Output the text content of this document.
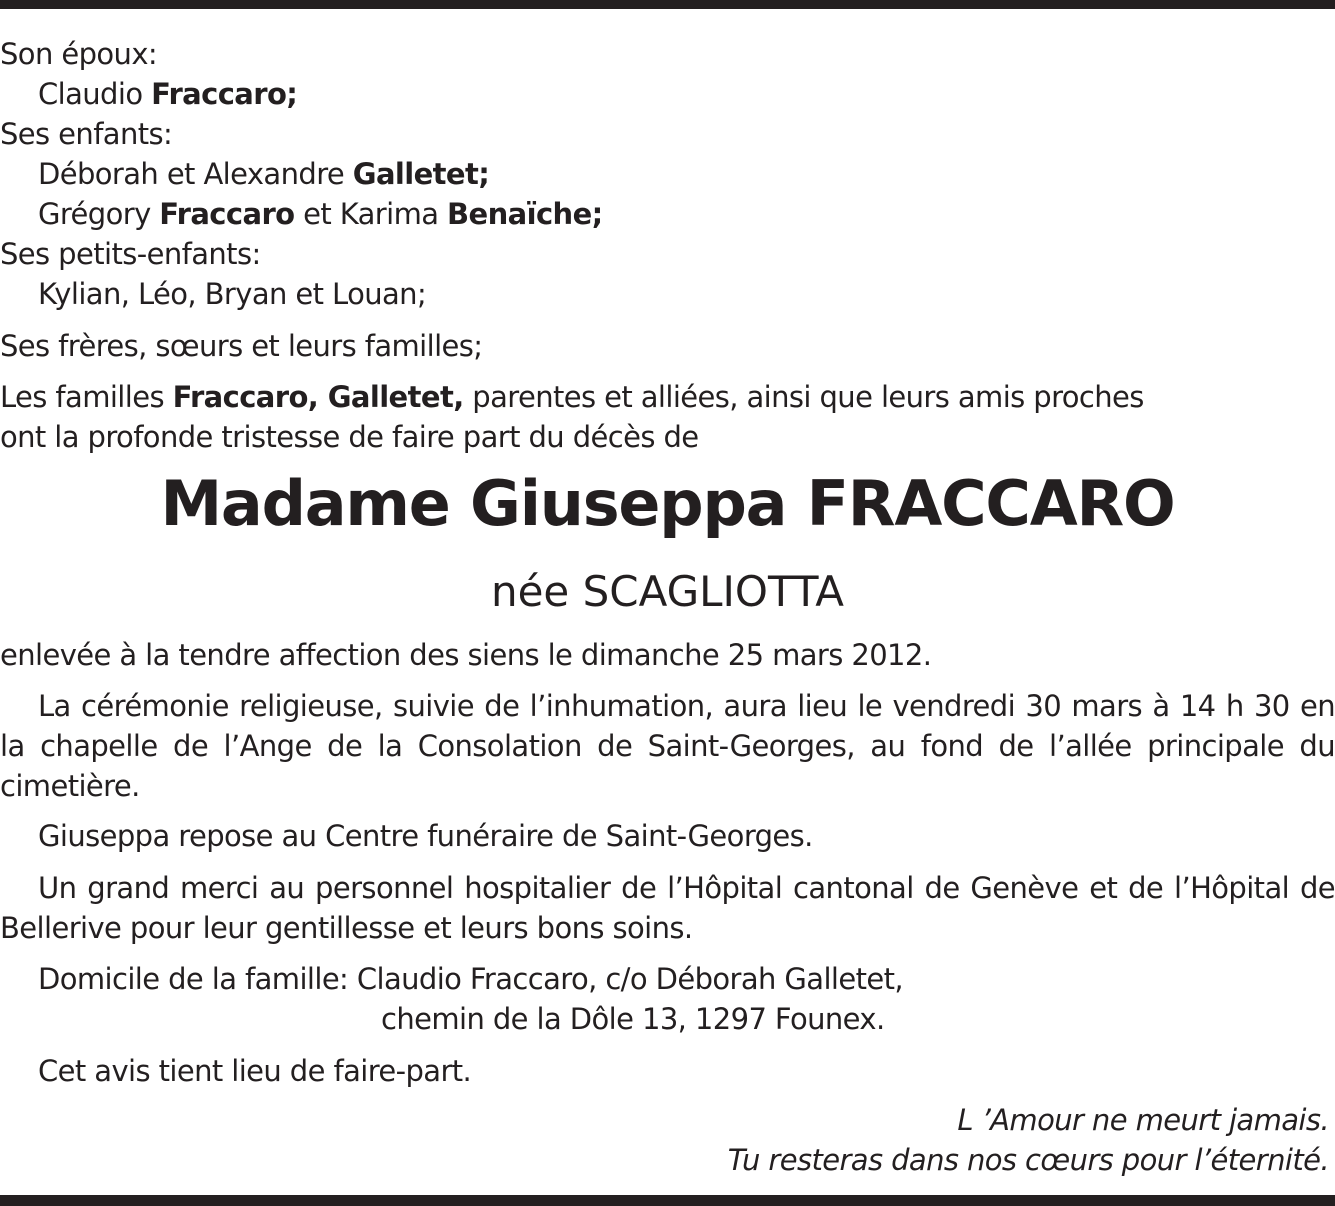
Son époux:
Claudio Fraccaro;
Ses enfants:
Déborah et Alexandre Galletet;
Grégory Fraccaro et Karima Benaïche;
Ses petits-enfants:
Kylian, Léo, Bryan et Louan;
Ses frères, sœurs et leurs familles;
Les familles Fraccaro, Galletet, parentes et alliées, ainsi que leurs amis proches
ont la profonde tristesse de faire part du décès de
Madame Giuseppa FRACCARO
née SCAGLIOTTA
enlevée à la tendre affection des siens le dimanche 25 mars 2012.

La cérémonie religieuse, suivie de l’inhumation, aura lieu le vendredi 30 mars à 14 h 30 en la chapelle de l’Ange de la Consolation de Saint-Georges, au fond de l’allée principale du cimetière.

Giuseppa repose au Centre funéraire de Saint-Georges.

Un grand merci au personnel hospitalier de l’Hôpital cantonal de Genève et de l’Hôpital de Bellerive pour leur gentillesse et leurs bons soins.

Domicile de la famille: Claudio Fraccaro, c/o Déborah Galletet,
chemin de la Dôle 13, 1297 Founex.
Cet avis tient lieu de faire-part.
L ’Amour ne meurt jamais.
Tu resteras dans nos cœurs pour l’éternité.
